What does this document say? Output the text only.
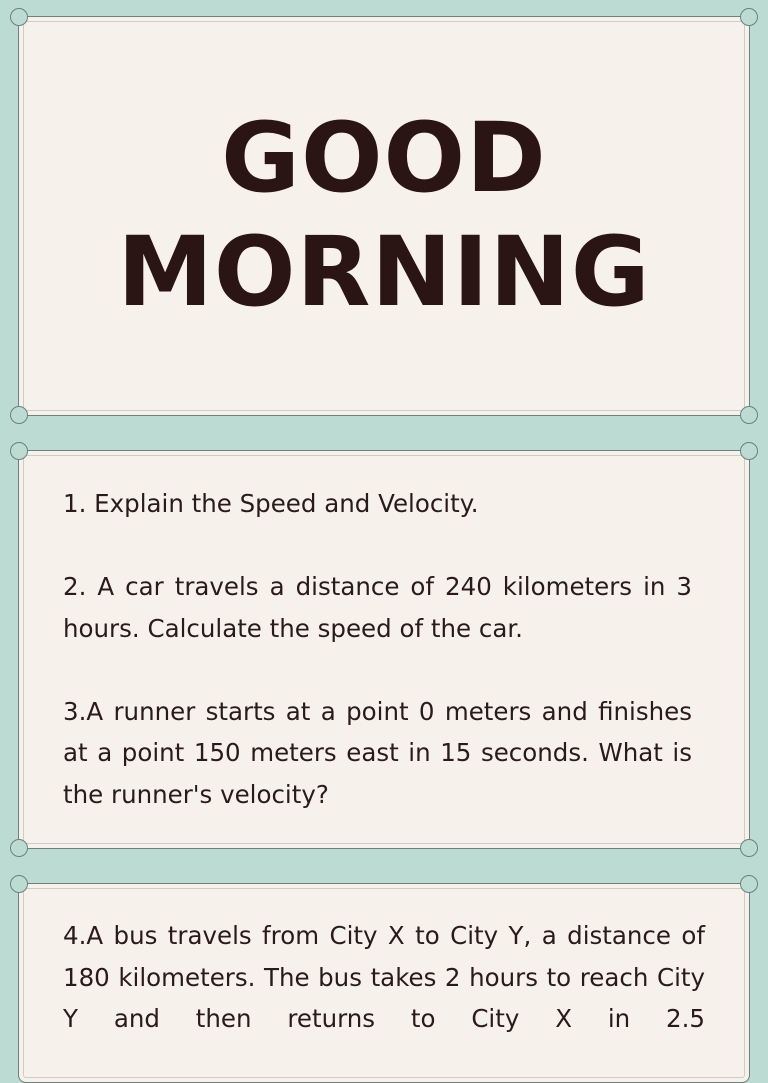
GOOD
MORNING

1. Explain the Speed and Velocity.

2. A car travels a distance of 240 kilometers in 3 hours. Calculate the speed of the car.

3.A runner starts at a point 0 meters and finishes at a point 150 meters east in 15 seconds. What is the runner's velocity?

4.A bus travels from City X to City Y, a distance of 180 kilometers. The bus takes 2 hours to reach City Y and then returns to City X in 2.5
